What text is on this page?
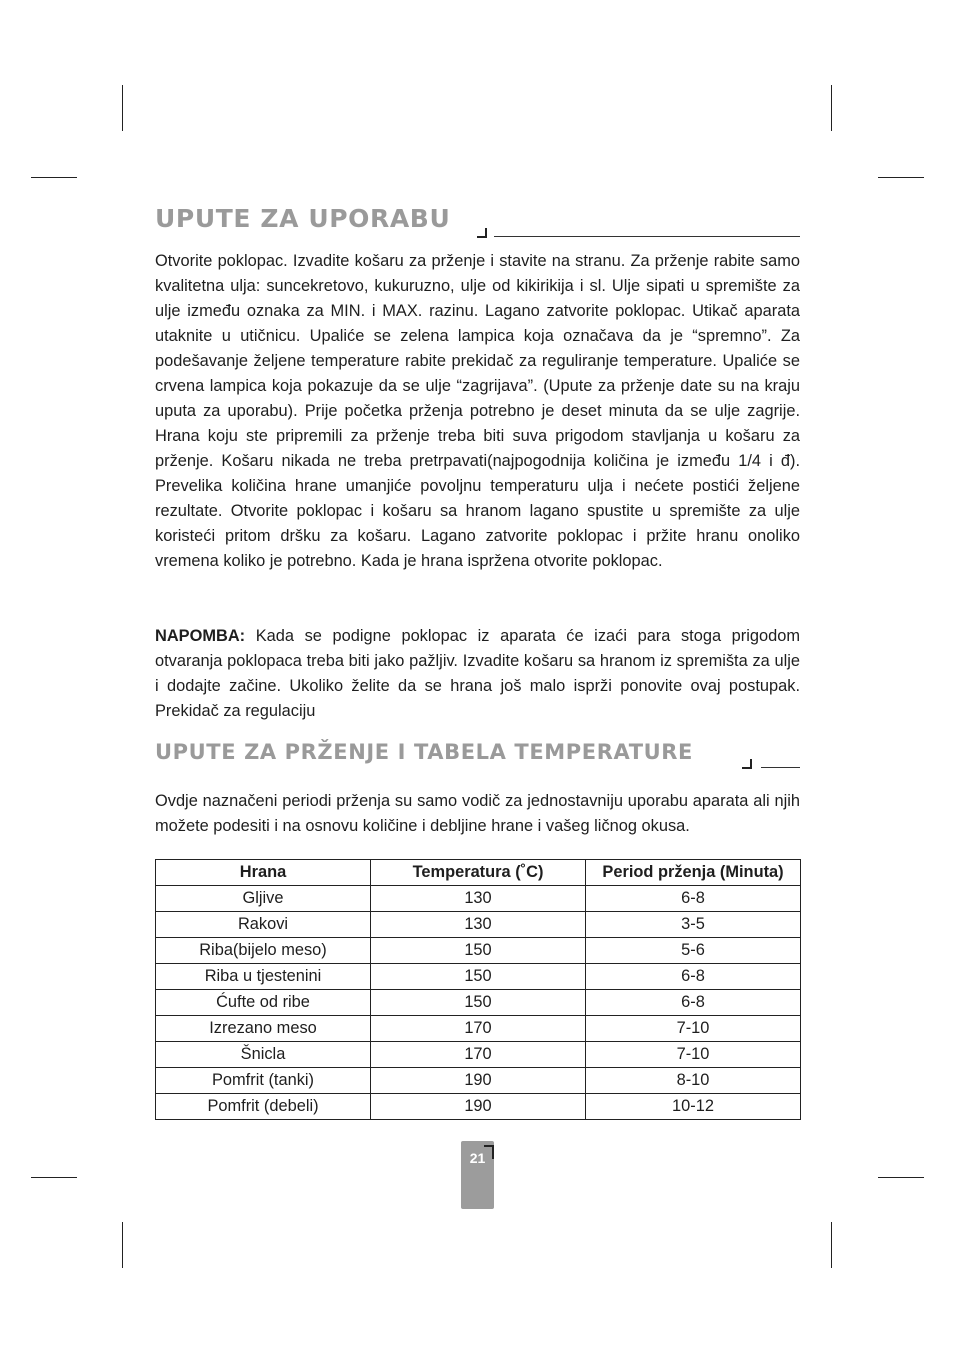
UPUTE ZA UPORABU

Otvorite poklopac. Izvadite košaru za prženje i stavite na stranu. Za prženje rabite samo kvalitetna ulja: suncekretovo, kukuruzno, ulje od kikirikija i sl. Ulje sipati u spremište za ulje između oznaka za MIN. i MAX. razinu. Lagano zatvorite poklopac. Utikač aparata utaknite u utičnicu. Upaliće se zelena lampica koja označava da je “spremno”. Za podešavanje željene temperature rabite prekidač za reguliranje temperature. Upaliće se crvena lampica koja pokazuje da se ulje “zagrijava”. (Upute za prženje date su na kraju uputa za uporabu). Prije početka prženja potrebno je deset minuta da se ulje zagrije. Hrana koju ste pripremili za prženje treba biti suva prigodom stavljanja u košaru za prženje. Košaru nikada ne treba pretrpavati(najpogodnija količina je između 1/4 i đ). Prevelika količina hrane umanjiće povoljnu temperaturu ulja i nećete postići željene rezultate. Otvorite poklopac i košaru sa hranom lagano spustite u spremište za ulje koristeći pritom dršku za košaru. Lagano zatvorite poklopac i pržite hranu onoliko vremena koliko je potrebno. Kada je hrana ispržena otvorite poklopac.

NAPOMBA: Kada se podigne poklopac iz aparata će izaći para stoga prigodom otvaranja poklopaca treba biti jako pažljiv. Izvadite košaru sa hranom iz spremišta za ulje i dodajte začine. Ukoliko želite da se hrana još malo isprži ponovite ovaj postupak. Prekidač za regulaciju

UPUTE ZA PRŽENJE I TABELA TEMPERATURE

Ovdje naznačeni periodi prženja su samo vodič za jednostavniju uporabu aparata ali njih možete podesiti i na osnovu količine i debljine hrane i vašeg ličnog okusa.

Hrana	Temperatura (˚C)	Period prženja (Minuta)
Gljive	130	6-8
Rakovi	130	3-5
Riba(bijelo meso)	150	5-6
Riba u tjestenini	150	6-8
Ćufte od ribe	150	6-8
Izrezano meso	170	7-10
Šnicla	170	7-10
Pomfrit (tanki)	190	8-10
Pomfrit (debeli)	190	10-12
21
